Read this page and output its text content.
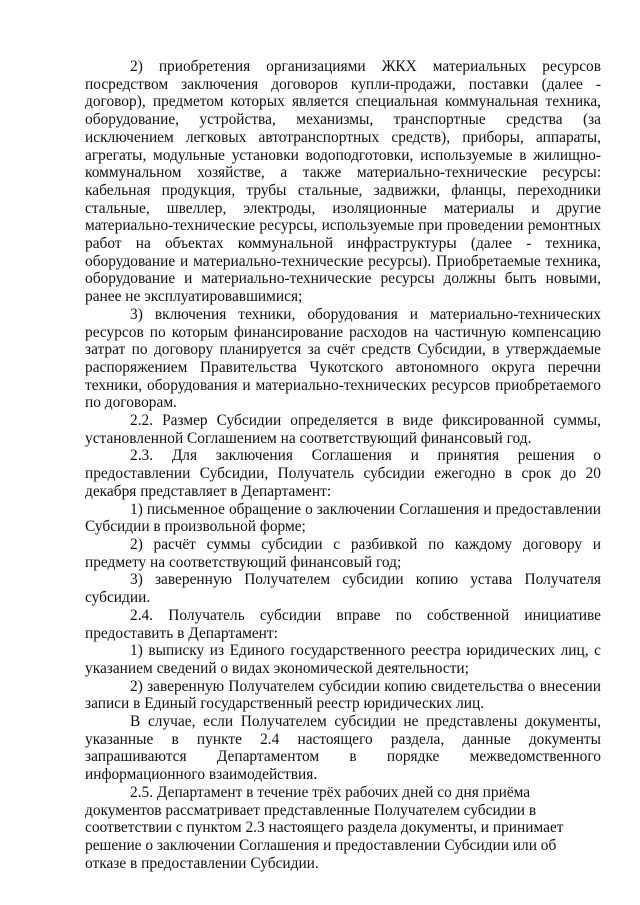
2) приобретения организациями ЖКХ материальных ресурсов посредством заключения договоров купли-продажи, поставки (далее - договор), предметом которых является специальная коммунальная техника, оборудование, устройства, механизмы, транспортные средства (за исключением легковых автотранспортных средств), приборы, аппараты, агрегаты, модульные установки водоподготовки, используемые в жилищно-коммунальном хозяйстве, а также материально-технические ресурсы: кабельная продукция, трубы стальные, задвижки, фланцы, переходники стальные, швеллер, электроды, изоляционные материалы и другие материально-технические ресурсы, используемые при проведении ремонтных работ на объектах коммунальной инфраструктуры (далее - техника, оборудование и материально-технические ресурсы). Приобретаемые техника, оборудование и материально-технические ресурсы должны быть новыми, ранее не эксплуатировавшимися;

3) включения техники, оборудования и материально-технических ресурсов по которым финансирование расходов на частичную компенсацию затрат по договору планируется за счёт средств Субсидии, в утверждаемые распоряжением Правительства Чукотского автономного округа перечни техники, оборудования и материально-технических ресурсов приобретаемого по договорам.

2.2. Размер Субсидии определяется в виде фиксированной суммы, установленной Соглашением на соответствующий финансовый год.

2.3. Для заключения Соглашения и принятия решения о предоставлении Субсидии, Получатель субсидии ежегодно в срок до 20 декабря представляет в Департамент:

1) письменное обращение о заключении Соглашения и предоставлении Субсидии в произвольной форме;

2) расчёт суммы субсидии с разбивкой по каждому договору и предмету на соответствующий финансовый год;

3) заверенную Получателем субсидии копию устава Получателя субсидии.

2.4. Получатель субсидии вправе по собственной инициативе предоставить в Департамент:

1) выписку из Единого государственного реестра юридических лиц, с указанием сведений о видах экономической деятельности;

2) заверенную Получателем субсидии копию свидетельства о внесении записи в Единый государственный реестр юридических лиц.

В случае, если Получателем субсидии не представлены документы, указанные в пункте 2.4 настоящего раздела, данные документы запрашиваются Департаментом в порядке межведомственного информационного взаимодействия.

2.5. Департамент в течение трёх рабочих дней со дня приёма документов рассматривает представленные Получателем субсидии в соответствии с пунктом 2.3 настоящего раздела документы, и принимает решение о заключении Соглашения и предоставлении Субсидии или об отказе в предоставлении Субсидии.
